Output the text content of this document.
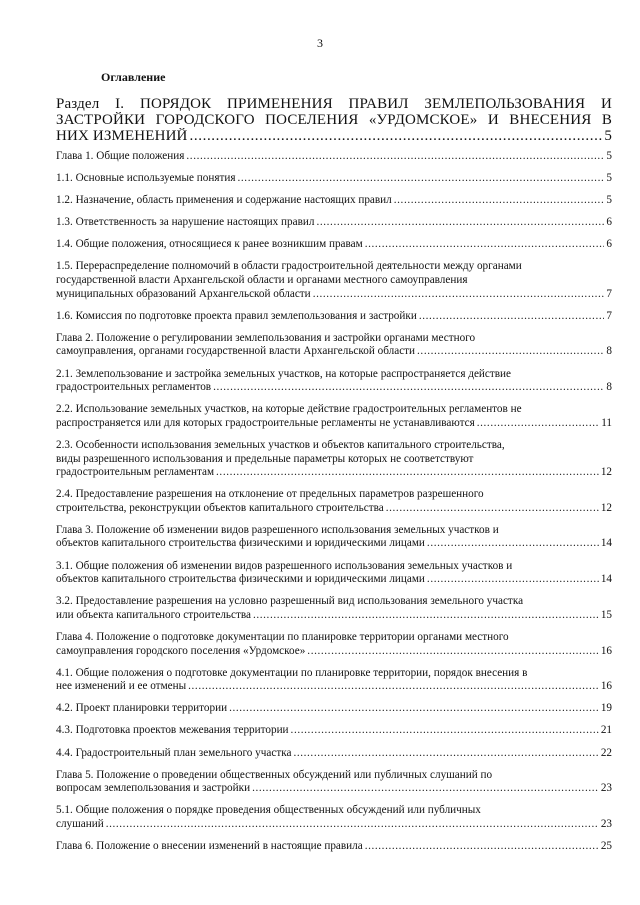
3
Оглавление
Раздел I. ПОРЯДОК ПРИМЕНЕНИЯ ПРАВИЛ ЗЕМЛЕПОЛЬЗОВАНИЯ И
ЗАСТРОЙКИ ГОРОДСКОГО ПОСЕЛЕНИЯ «УРДОМСКОЕ» И ВНЕСЕНИЯ В
НИХ ИЗМЕНЕНИЙ .....	5
Глава 1. Общие положения .....	5
1.1. Основные используемые понятия .....	5
1.2. Назначение, область применения и содержание настоящих правил .....	5
1.3. Ответственность за нарушение настоящих правил .....	6
1.4. Общие положения, относящиеся к ранее возникшим правам .....	6
1.5. Перераспределение полномочий в области градостроительной деятельности между органами
государственной власти Архангельской области и органами местного самоуправления
муниципальных образований Архангельской области .....	7
1.6. Комиссия по подготовке проекта правил землепользования и застройки .....	7
Глава 2. Положение о регулировании землепользования и застройки органами местного
самоуправления, органами государственной власти Архангельской области .....	8
2.1. Землепользование и застройка земельных участков, на которые распространяется действие
градостроительных регламентов .....	8
2.2. Использование земельных участков, на которые действие градостроительных регламентов не
распространяется или для которых градостроительные регламенты не устанавливаются .....	11
2.3. Особенности использования земельных участков и объектов капитального строительства,
виды разрешенного использования и предельные параметры которых не соответствуют
градостроительным регламентам .....	12
2.4. Предоставление разрешения на отклонение от предельных параметров разрешенного
строительства, реконструкции объектов капитального строительства .....	12
Глава 3. Положение об изменении видов разрешенного использования земельных участков и
объектов капитального строительства физическими и юридическими лицами .....	14
3.1. Общие положения об изменении видов разрешенного использования земельных участков и
объектов капитального строительства физическими и юридическими лицами .....	14
3.2. Предоставление разрешения на условно разрешенный вид использования земельного участка
или объекта капитального строительства .....	15
Глава 4. Положение о подготовке документации по планировке территории органами местного
самоуправления городского поселения «Урдомское» .....	16
4.1. Общие положения о подготовке документации по планировке территории, порядок внесения в
нее изменений и ее отмены .....	16
4.2. Проект планировки территории .....	19
4.3. Подготовка проектов межевания территории .....	21
4.4. Градостроительный план земельного участка .....	22
Глава 5. Положение о проведении общественных обсуждений или публичных слушаний по
вопросам землепользования и застройки .....	23
5.1. Общие положения о порядке проведения общественных обсуждений или публичных
слушаний .....	23
Глава 6. Положение о внесении изменений в настоящие правила .....	25
